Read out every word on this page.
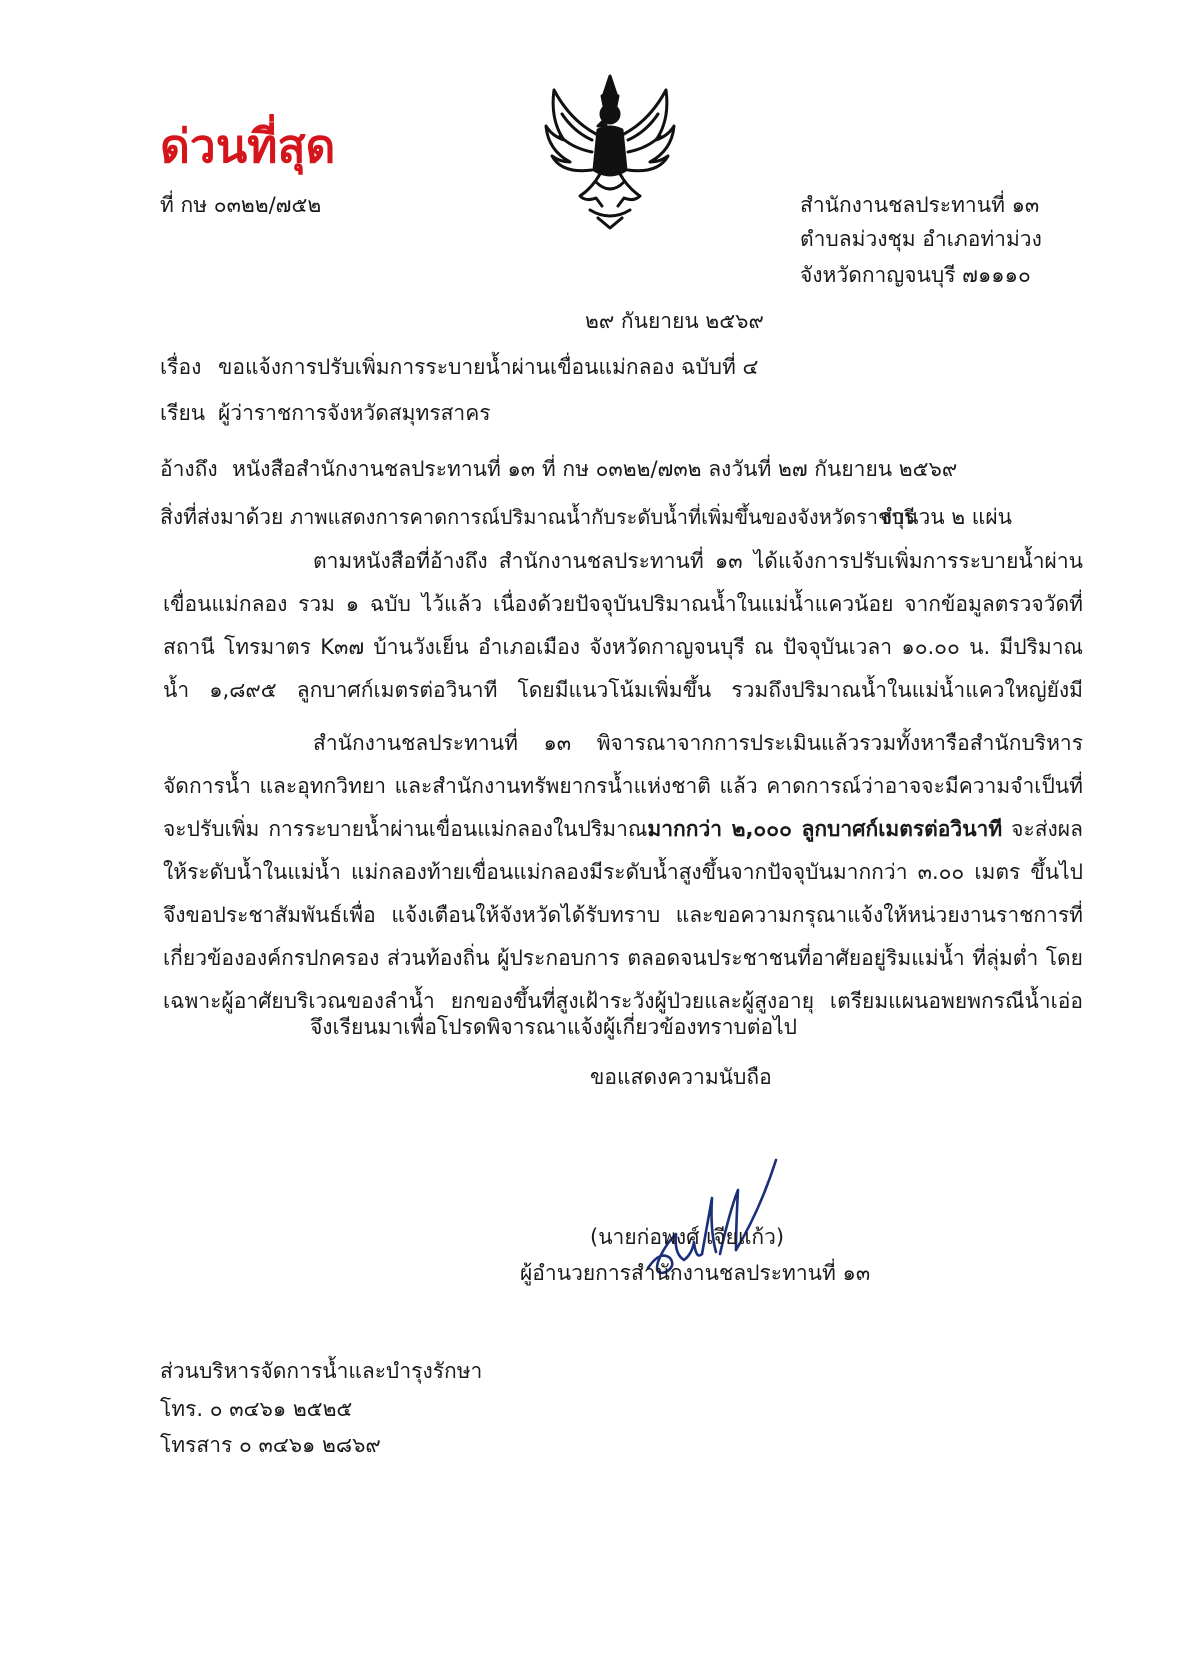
ด่วนที่สุด
ที่ กษ ๐๓๒๒/๗๕๒	สำนักงานชลประทานที่ ๑๓
ตำบลม่วงชุม อำเภอท่าม่วง
จังหวัดกาญจนบุรี ๗๑๑๑๐
๒๙ กันยายน ๒๕๖๙
เรื่อง ขอแจ้งการปรับเพิ่มการระบายน้ำผ่านเขื่อนแม่กลอง ฉบับที่ ๔
เรียน ผู้ว่าราชการจังหวัดสมุทรสาคร
อ้างถึง หนังสือสำนักงานชลประทานที่ ๑๓ ที่ กษ ๐๓๒๒/๗๓๒ ลงวันที่ ๒๗ กันยายน ๒๕๖๙
สิ่งที่ส่งมาด้วย ภาพแสดงการคาดการณ์ปริมาณน้ำกับระดับน้ำที่เพิ่มขึ้นของจังหวัดราชบุรี
จำนวน ๒ แผ่น
ตามหนังสือที่อ้างถึง สำนักงานชลประทานที่ ๑๓ ได้แจ้งการปรับเพิ่มการระบายน้ำผ่าน เขื่อนแม่กลอง รวม ๑ ฉบับ ไว้แล้ว เนื่องด้วยปัจจุบันปริมาณน้ำในแม่น้ำแควน้อย จากข้อมูลตรวจวัดที่สถานี โทรมาตร K๓๗ บ้านวังเย็น อำเภอเมือง จังหวัดกาญจนบุรี ณ ปัจจุบันเวลา ๑๐.๐๐ น. มีปริมาณน้ำ ๑,๘๙๕ ลูกบาศก์เมตรต่อวินาที โดยมีแนวโน้มเพิ่มขึ้น รวมถึงปริมาณน้ำในแม่น้ำแควใหญ่ยังมี
สำนักงานชลประทานที่ ๑๓ พิจารณาจากการประเมินแล้วรวมทั้งหารือสำนักบริหารจัดการน้ำ และอุทกวิทยา และสำนักงานทรัพยากรน้ำแห่งชาติ แล้ว คาดการณ์ว่าอาจจะมีความจำเป็นที่จะปรับเพิ่ม การระบายน้ำผ่านเขื่อนแม่กลองในปริมาณมากกว่า ๒,๐๐๐ ลูกบาศก์เมตรต่อวินาที จะส่งผลให้ระดับน้ำในแม่น้ำ แม่กลองท้ายเขื่อนแม่กลองมีระดับน้ำสูงขึ้นจากปัจจุบันมากกว่า ๓.๐๐ เมตร ขึ้นไป จึงขอประชาสัมพันธ์เพื่อ แจ้งเตือนให้จังหวัดได้รับทราบ และขอความกรุณาแจ้งให้หน่วยงานราชการที่เกี่ยวข้ององค์กรปกครอง ส่วนท้องถิ่น ผู้ประกอบการ ตลอดจนประชาชนที่อาศัยอยู่ริมแม่น้ำ ที่ลุ่มต่ำ โดยเฉพาะผู้อาศัยบริเวณของลำน้ำ ยกของขึ้นที่สูงเฝ้าระวังผู้ป่วยและผู้สูงอายุ เตรียมแผนอพยพกรณีน้ำเอ่อ
จึงเรียนมาเพื่อโปรดพิจารณาแจ้งผู้เกี่ยวข้องทราบต่อไป
ขอแสดงความนับถือ
(นายก่อพงศ์ เจียแก้ว)
ผู้อำนวยการสำนักงานชลประทานที่ ๑๓
ส่วนบริหารจัดการน้ำและบำรุงรักษา
โทร. ๐ ๓๔๖๑ ๒๕๒๕
โทรสาร ๐ ๓๔๖๑ ๒๘๖๙
